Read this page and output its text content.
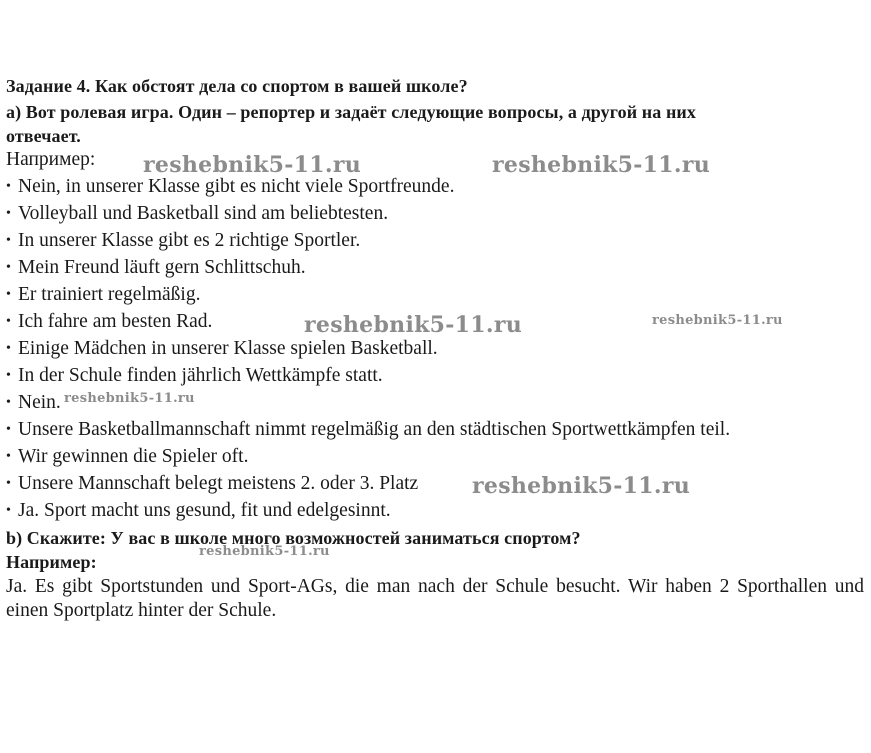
Задание 4. Как обстоят дела со спортом в вашей школе?
a) Вот ролевая игра. Один – репортер и задаёт следующие вопросы, а другой на них
отвечает.
Например:
• Nein, in unserer Klasse gibt es nicht viele Sportfreunde.
• Volleyball und Basketball sind am beliebtesten.
• In unserer Klasse gibt es 2 richtige Sportler.
• Mein Freund läuft gern Schlittschuh.
• Er trainiert regelmäßig.
• Ich fahre am besten Rad.
• Einige Mädchen in unserer Klasse spielen Basketball.
• In der Schule finden jährlich Wettkämpfe statt.
• Nein.
• Unsere Basketballmannschaft nimmt regelmäßig an den städtischen Sportwettkämpfen teil.
• Wir gewinnen die Spieler oft.
• Unsere Mannschaft belegt meistens 2. oder 3. Platz
• Ja. Sport macht uns gesund, fit und edelgesinnt.
b) Скажите: У вас в школе много возможностей заниматься спортом?
Например:
Ja. Es gibt Sportstunden und Sport-AGs, die man nach der Schule besucht. Wir haben 2 Sporthallen und einen Sportplatz hinter der Schule.
reshebnik5-11.ru	reshebnik5-11.ru
reshebnik5-11.ru	reshebnik5-11.ru
reshebnik5-11.ru
reshebnik5-11.ru
reshebnik5-11.ru
